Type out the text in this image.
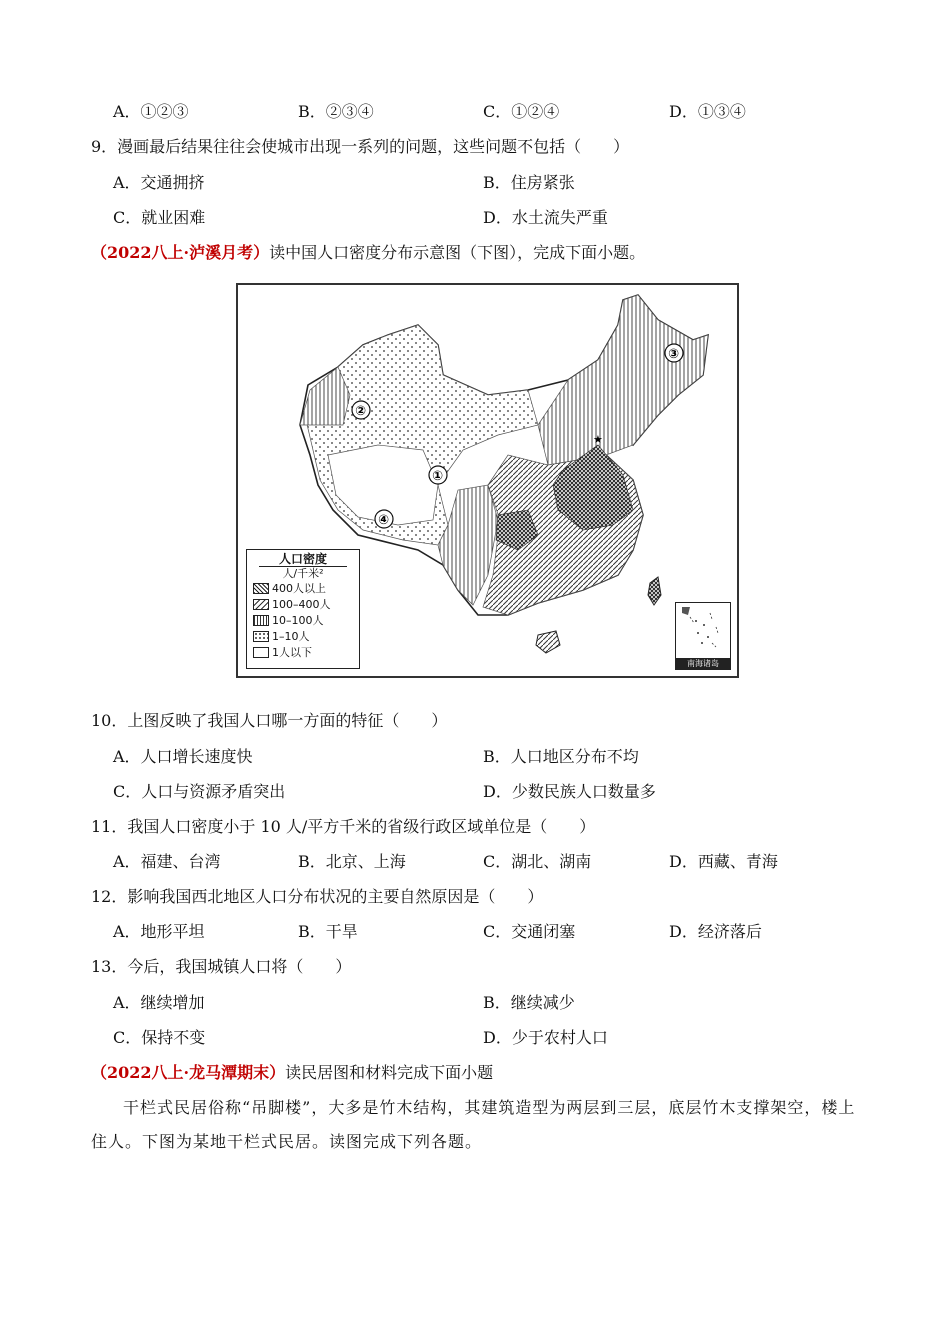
A．①②③	B．②③④	C．①②④	D．①③④
9．漫画最后结果往往会使城市出现一系列的问题，这些问题不包括（　　）
A．交通拥挤	B．住房紧张
C．就业困难	D．水土流失严重
（2022八上·泸溪月考）读中国人口密度分布示意图（下图），完成下面小题。
★
①
②
③
④
人口密度
人/千米²
400人以上
100–400人
10–100人
1–10人
1人以下
南海诸岛
10．上图反映了我国人口哪一方面的特征（　　）
A．人口增长速度快	B．人口地区分布不均
C．人口与资源矛盾突出	D．少数民族人口数量多
11．我国人口密度小于 10 人/平方千米的省级行政区域单位是（　　）
A．福建、台湾	B．北京、上海	C．湖北、湖南	D．西藏、青海
12．影响我国西北地区人口分布状况的主要自然原因是（　　）
A．地形平坦	B．干旱	C．交通闭塞	D．经济落后
13．今后，我国城镇人口将（　　）
A．继续增加	B．继续减少
C．保持不变	D．少于农村人口
（2022八上·龙马潭期末）读民居图和材料完成下面小题
干栏式民居俗称“吊脚楼”，大多是竹木结构，其建筑造型为两层到三层，底层竹木支撑架空，楼上住人。下图为某地干栏式民居。读图完成下列各题。
